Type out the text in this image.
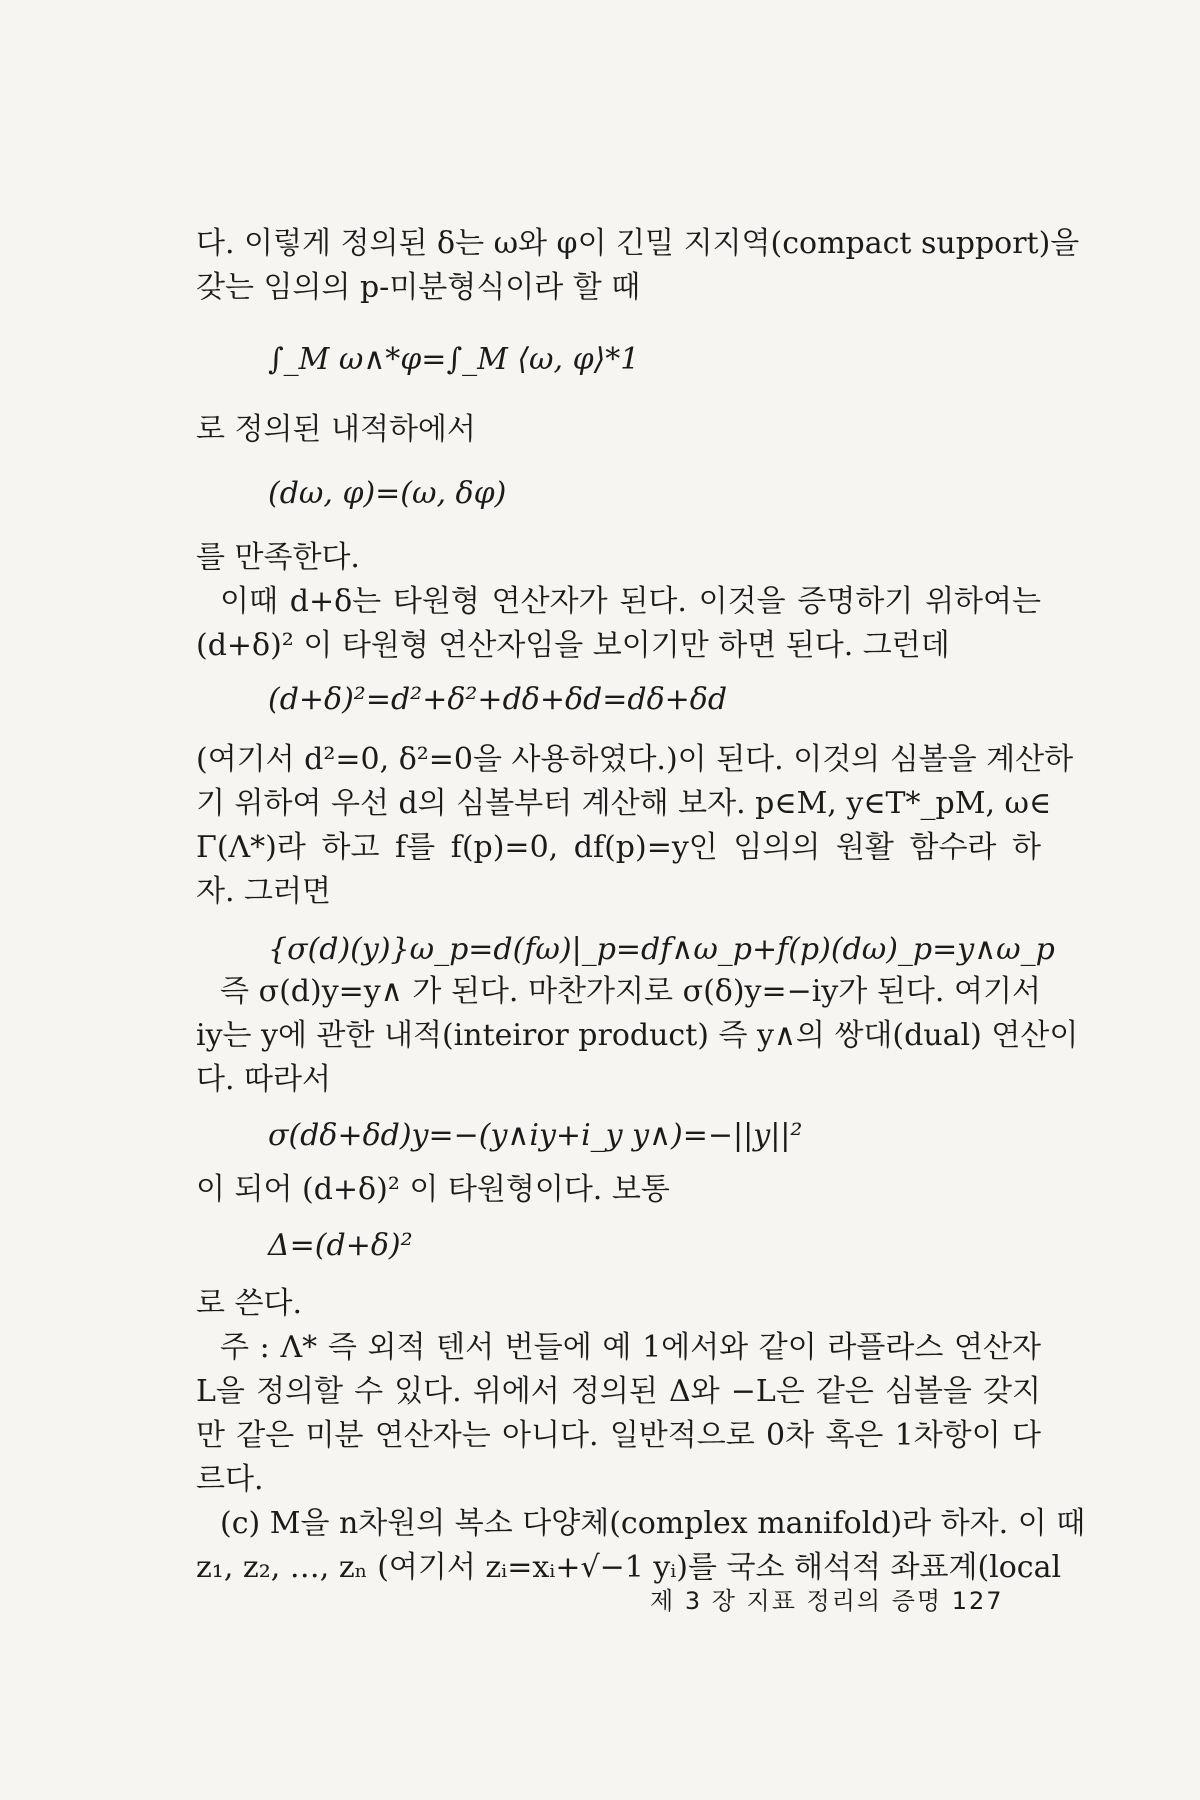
다. 이렇게 정의된 δ는 ω와 φ이 긴밀 지지역(compact support)을
갖는 임의의 p-미분형식이라 할 때
∫_M ω∧*φ=∫_M ⟨ω, φ⟩*1
로 정의된 내적하에서
(dω, φ)=(ω, δφ)
를 만족한다.
이때 d+δ는 타원형 연산자가 된다. 이것을 증명하기 위하여는
(d+δ)² 이 타원형 연산자임을 보이기만 하면 된다. 그런데
(d+δ)²=d²+δ²+dδ+δd=dδ+δd
(여기서 d²=0, δ²=0을 사용하였다.)이 된다. 이것의 심볼을 계산하
기 위하여 우선 d의 심볼부터 계산해 보자. p∈M, y∈T*_pM, ω∈
Γ(Λ*)라 하고 f를 f(p)=0, df(p)=y인 임의의 원활 함수라 하
자. 그러면
{σ(d)(y)}ω_p=d(fω)|_p=df∧ω_p+f(p)(dω)_p=y∧ω_p
즉 σ(d)y=y∧ 가 된다. 마찬가지로 σ(δ)y=−iy가 된다. 여기서
iy는 y에 관한 내적(inteiror product) 즉 y∧의 쌍대(dual) 연산이
다. 따라서
σ(dδ+δd)y=−(y∧iy+i_y y∧)=−||y||²
이 되어 (d+δ)² 이 타원형이다. 보통
Δ=(d+δ)²
로 쓴다.
주 : Λ* 즉 외적 텐서 번들에 예 1에서와 같이 라플라스 연산자
L을 정의할 수 있다. 위에서 정의된 Δ와 −L은 같은 심볼을 갖지
만 같은 미분 연산자는 아니다. 일반적으로 0차 혹은 1차항이 다
르다.
(c) M을 n차원의 복소 다양체(complex manifold)라 하자. 이 때
z₁, z₂, …, zₙ (여기서 zᵢ=xᵢ+√−1 yᵢ)를 국소 해석적 좌표계(local
제 3 장 지표 정리의 증명 127
